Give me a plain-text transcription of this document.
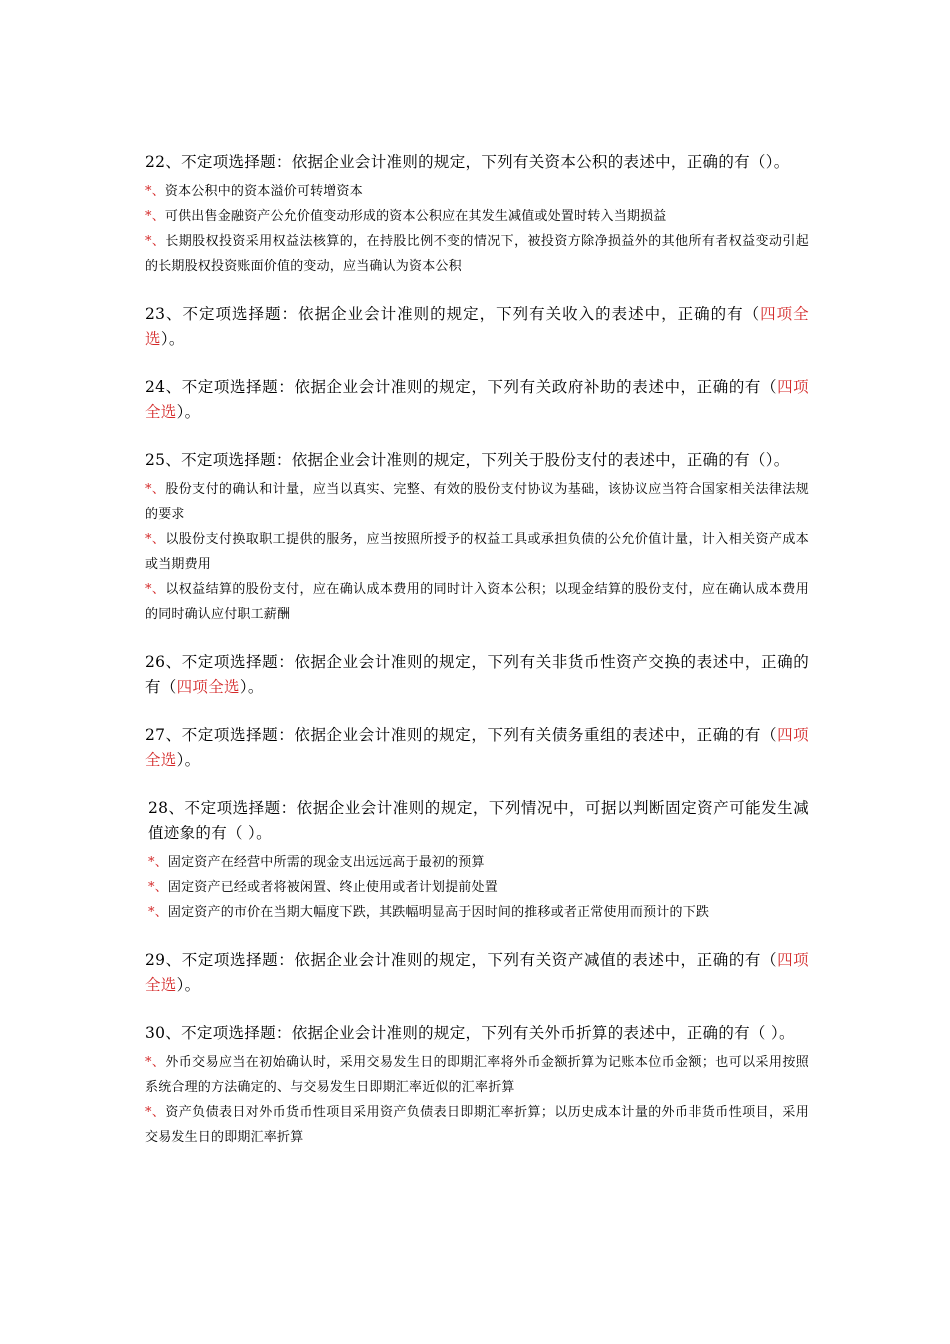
22、不定项选择题：依据企业会计准则的规定，下列有关资本公积的表述中，正确的有（）。
*、资本公积中的资本溢价可转增资本
*、可供出售金融资产公允价值变动形成的资本公积应在其发生减值或处置时转入当期损益
*、长期股权投资采用权益法核算的，在持股比例不变的情况下，被投资方除净损益外的其他所有者权益变动引起的长期股权投资账面价值的变动，应当确认为资本公积
23、不定项选择题：依据企业会计准则的规定，下列有关收入的表述中，正确的有（四项全选）。
24、不定项选择题：依据企业会计准则的规定，下列有关政府补助的表述中，正确的有（四项全选）。
25、不定项选择题：依据企业会计准则的规定，下列关于股份支付的表述中，正确的有（）。
*、股份支付的确认和计量，应当以真实、完整、有效的股份支付协议为基础，该协议应当符合国家相关法律法规的要求
*、以股份支付换取职工提供的服务，应当按照所授予的权益工具或承担负债的公允价值计量，计入相关资产成本或当期费用
*、以权益结算的股份支付，应在确认成本费用的同时计入资本公积；以现金结算的股份支付，应在确认成本费用的同时确认应付职工薪酬
26、不定项选择题：依据企业会计准则的规定，下列有关非货币性资产交换的表述中，正确的有（四项全选）。
27、不定项选择题：依据企业会计准则的规定，下列有关债务重组的表述中，正确的有（四项全选）。
28、不定项选择题：依据企业会计准则的规定，下列情况中，可据以判断固定资产可能发生减值迹象的有（ ）。
*、固定资产在经营中所需的现金支出远远高于最初的预算
*、固定资产已经或者将被闲置、终止使用或者计划提前处置
*、固定资产的市价在当期大幅度下跌，其跌幅明显高于因时间的推移或者正常使用而预计的下跌
29、不定项选择题：依据企业会计准则的规定，下列有关资产减值的表述中，正确的有（四项全选）。
30、不定项选择题：依据企业会计准则的规定，下列有关外币折算的表述中，正确的有（ ）。
*、外币交易应当在初始确认时，采用交易发生日的即期汇率将外币金额折算为记账本位币金额；也可以采用按照系统合理的方法确定的、与交易发生日即期汇率近似的汇率折算
*、资产负债表日对外币货币性项目采用资产负债表日即期汇率折算；以历史成本计量的外币非货币性项目，采用交易发生日的即期汇率折算
